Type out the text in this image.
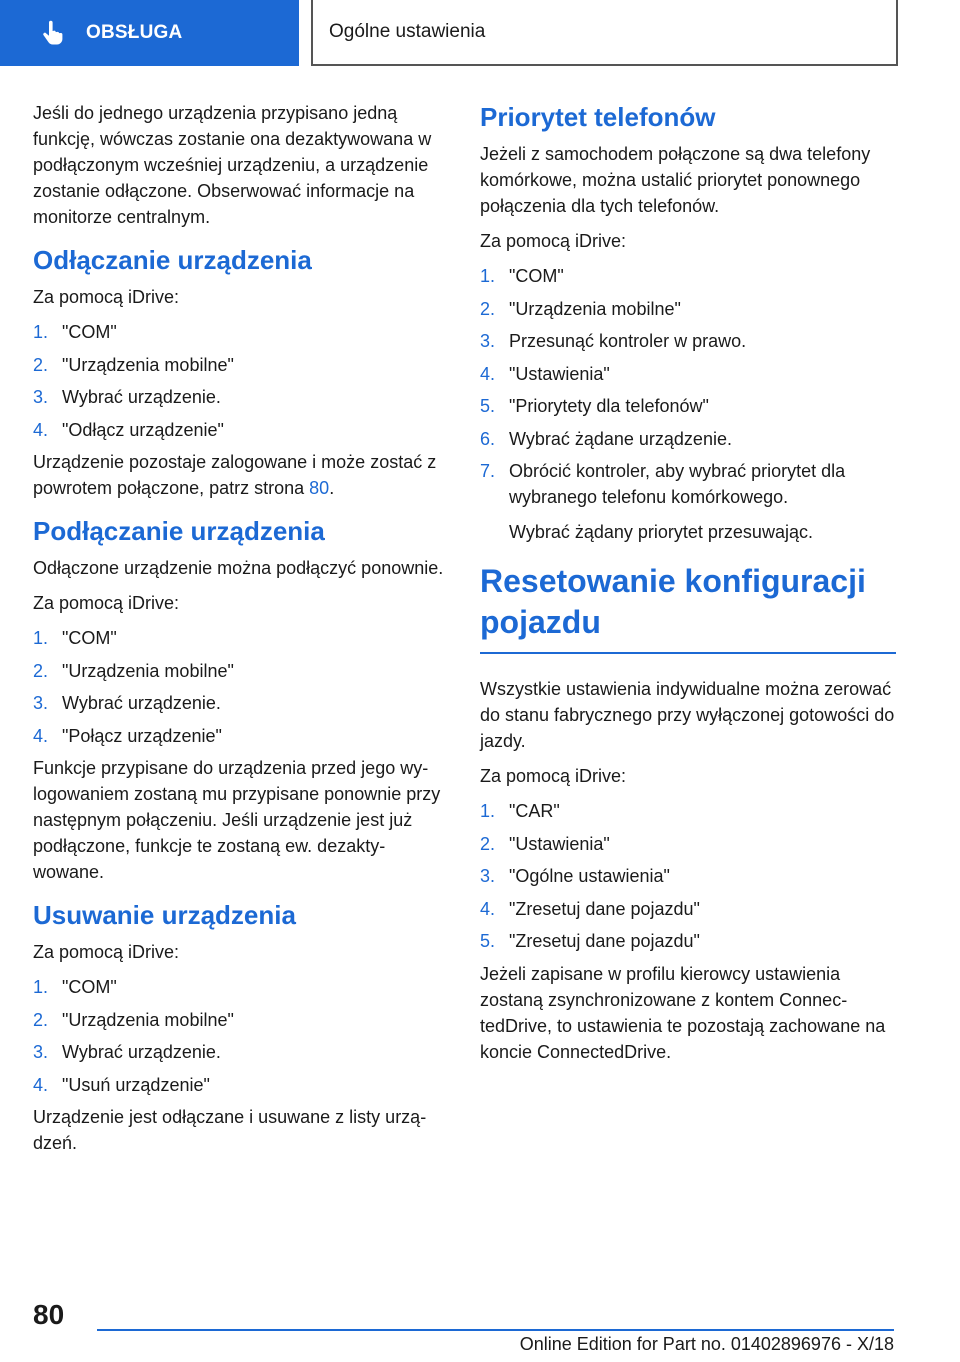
OBSŁUGA	Ogólne ustawienia

Jeśli do jednego urządzenia przypisano jedną funkcję, wówczas zostanie ona dezaktywowana w podłączonym wcześniej urządzeniu, a urządzenie zostanie odłączone. Obserwować informacje na monitorze centralnym.

Odłączanie urządzenia

Za pomocą iDrive:

1. "COM"
2. "Urządzenia mobilne"
3. Wybrać urządzenie.
4. "Odłącz urządzenie"

Urządzenie pozostaje zalogowane i może zostać z powrotem połączone, patrz strona 80.

Podłączanie urządzenia

Odłączone urządzenie można podłączyć ponownie.

Za pomocą iDrive:

1. "COM"
2. "Urządzenia mobilne"
3. Wybrać urządzenie.
4. "Połącz urządzenie"

Funkcje przypisane do urządzenia przed jego wylogowaniem zostaną mu przypisane ponownie przy następnym połączeniu. Jeśli urządzenie jest już podłączone, funkcje te zostaną ew. dezaktywowane.

Usuwanie urządzenia

Za pomocą iDrive:

1. "COM"
2. "Urządzenia mobilne"
3. Wybrać urządzenie.
4. "Usuń urządzenie"

Urządzenie jest odłączane i usuwane z listy urządzeń.

Priorytet telefonów

Jeżeli z samochodem połączone są dwa telefony komórkowe, można ustalić priorytet ponownego połączenia dla tych telefonów.

Za pomocą iDrive:

1. "COM"
2. "Urządzenia mobilne"
3. Przesunąć kontroler w prawo.
4. "Ustawienia"
5. "Priorytety dla telefonów"
6. Wybrać żądane urządzenie.
7. Obrócić kontroler, aby wybrać priorytet dla wybranego telefonu komórkowego.

Wybrać żądany priorytet przesuwając.

Resetowanie konfiguracji pojazdu

Wszystkie ustawienia indywidualne można zerować do stanu fabrycznego przy wyłączonej gotowości do jazdy.

Za pomocą iDrive:

1. "CAR"
2. "Ustawienia"
3. "Ogólne ustawienia"
4. "Zresetuj dane pojazdu"
5. "Zresetuj dane pojazdu"

Jeżeli zapisane w profilu kierowcy ustawienia zostaną zsynchronizowane z kontem ConnectedDrive, to ustawienia te pozostają zachowane na koncie ConnectedDrive.

80
Online Edition for Part no. 01402896976 - X/18
